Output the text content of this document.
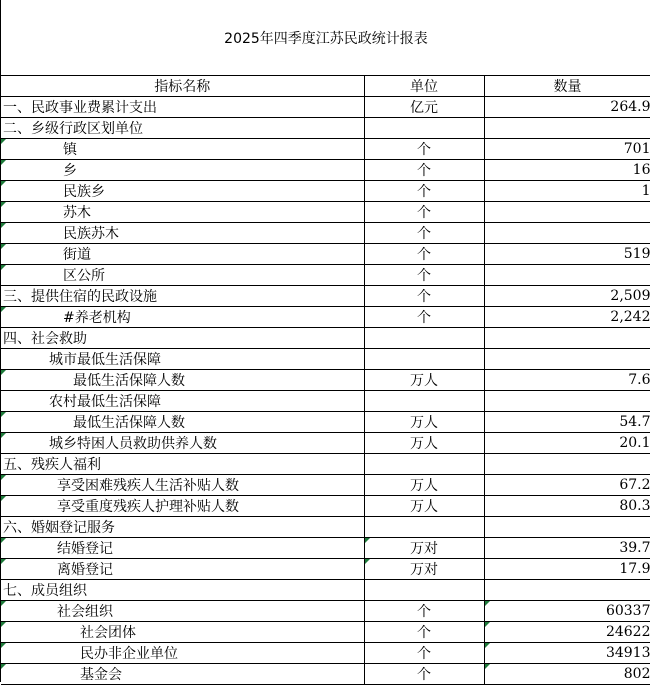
2025年四季度江苏民政统计报表
指标名称	单位	数量
一、民政事业费累计支出	亿元	264.9
二、乡级行政区划单位		
镇	个	701
乡	个	16
民族乡	个	1
苏木	个	
民族苏木	个	
街道	个	519
区公所	个	
三、提供住宿的民政设施	个	2,509
#养老机构	个	2,242
四、社会救助		
城市最低生活保障		
最低生活保障人数	万人	7.6
农村最低生活保障		
最低生活保障人数	万人	54.7
城乡特困人员救助供养人数	万人	20.1
五、残疾人福利		
享受困难残疾人生活补贴人数	万人	67.2
享受重度残疾人护理补贴人数	万人	80.3
六、婚姻登记服务		
结婚登记	万对	39.7
离婚登记	万对	17.9
七、成员组织		
社会组织	个	60337
社会团体	个	24622
民办非企业单位	个	34913
基金会	个	802
